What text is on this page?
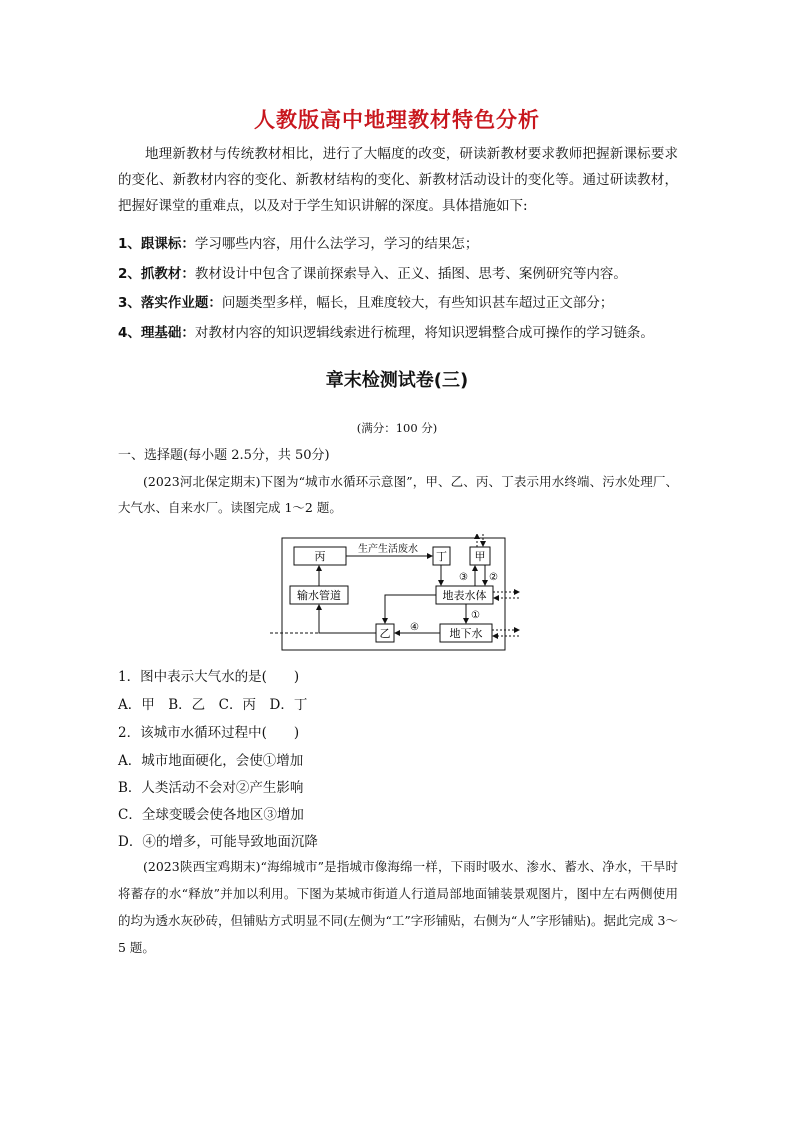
人教版高中地理教材特色分析

地理新教材与传统教材相比，进行了大幅度的改变，研读新教材要求教师把握新课标要求的变化、新教材内容的变化、新教材结构的变化、新教材活动设计的变化等。通过研读教材，把握好课堂的重难点，以及对于学生知识讲解的深度。具体措施如下:

1、跟课标：学习哪些内容，用什么法学习，学习的结果怎；
2、抓教材：教材设计中包含了课前探索导入、正义、插图、思考、案例研究等内容。
3、落实作业题：问题类型多样，幅长，且难度较大，有些知识甚车超过正文部分；
4、理基础：对教材内容的知识逻辑线索进行梳理，将知识逻辑整合成可操作的学习链条。
章末检测试卷(三)
(满分：100 分)
一、选择题(每小题 2.5分，共 50分)

(2023河北保定期末)下图为“城市水循环示意图”，甲、乙、丙、丁表示用水终端、污水处理厂、大气水、自来水厂。读图完成 1～2 题。

丙	丁	甲
输水管道	地表水体
乙	地下水
生产生活废水
③ ②
④
①
1．图中表示大气水的是(　　)
A．甲　B．乙　C．丙　D．丁
2．该城市水循环过程中(　　)
A．城市地面硬化，会使①增加
B．人类活动不会对②产生影响
C．全球变暖会使各地区③增加
D．④的增多，可能导致地面沉降

(2023陕西宝鸡期末)“海绵城市”是指城市像海绵一样，下雨时吸水、渗水、蓄水、净水，干旱时将蓄存的水“释放”并加以利用。下图为某城市街道人行道局部地面铺装景观图片，图中左右两侧使用的均为透水灰砂砖，但铺贴方式明显不同(左侧为“工”字形铺贴，右侧为“人”字形铺贴)。据此完成 3～5 题。
